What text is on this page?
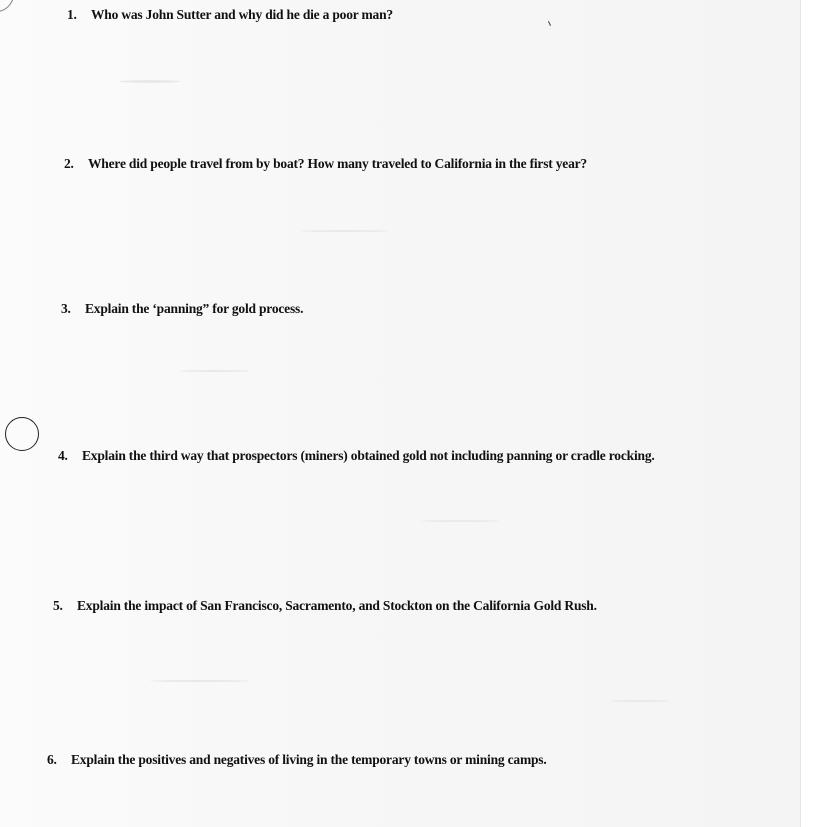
1. Who was John Sutter and why did he die a poor man?
2. Where did people travel from by boat? How many traveled to California in the first year?
3. Explain the ‘panning” for gold process.
4. Explain the third way that prospectors (miners) obtained gold not including panning or cradle rocking.
5. Explain the impact of San Francisco, Sacramento, and Stockton on the California Gold Rush.
6. Explain the positives and negatives of living in the temporary towns or mining camps.
